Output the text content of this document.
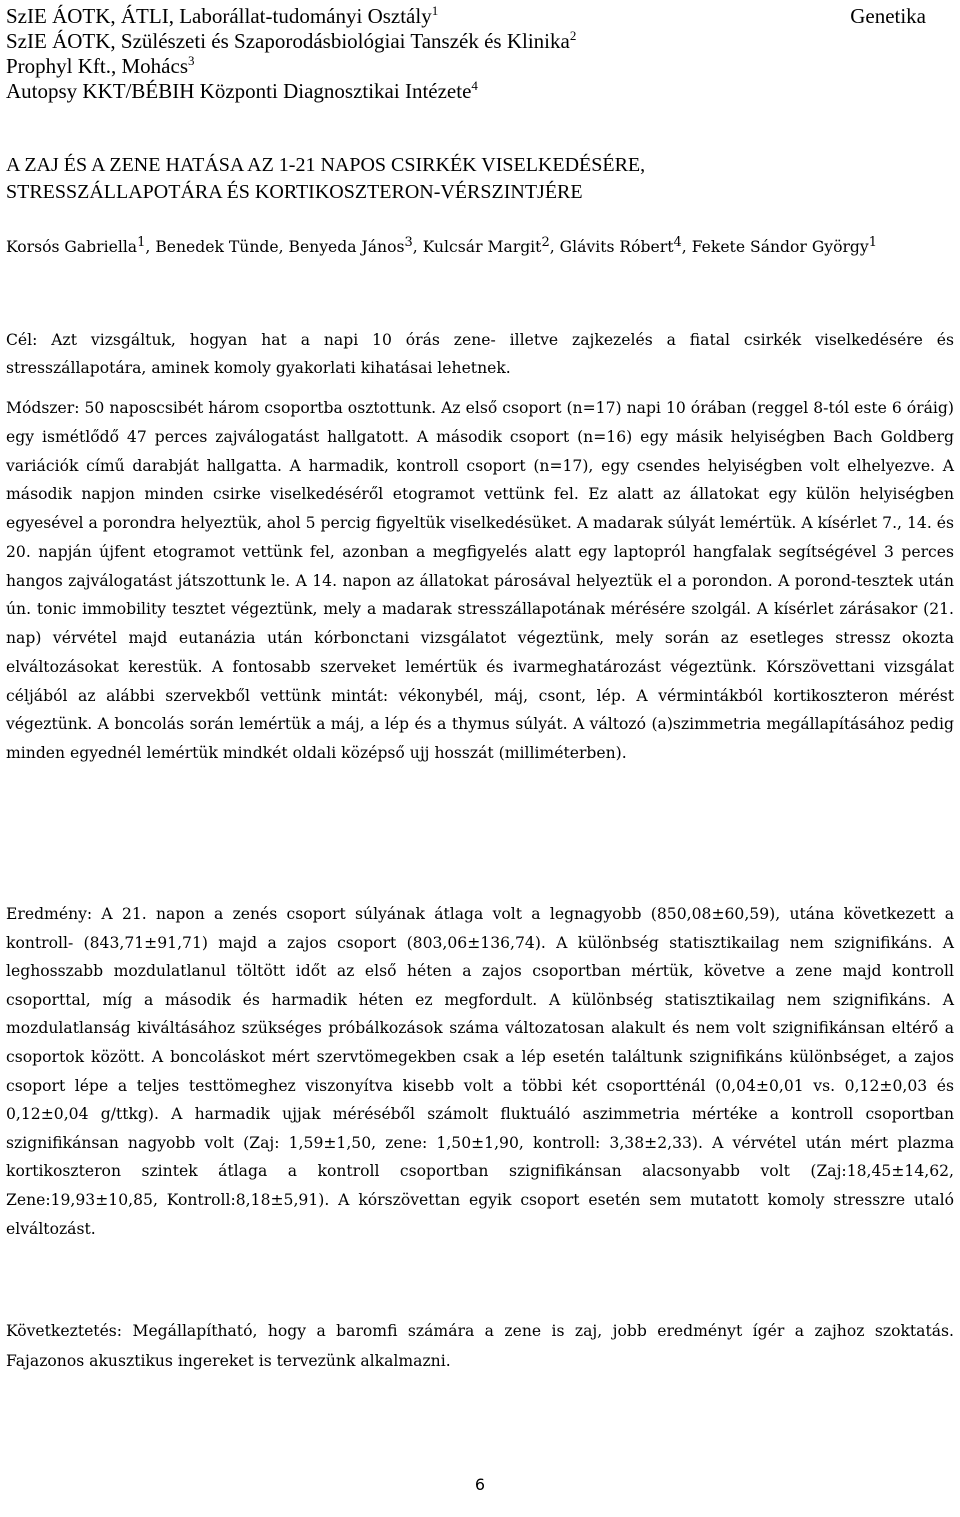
SzIE ÁOTK, ÁTLI, Laborállat-tudományi Osztály$^1$
SzIE ÁOTK, Szülészeti és Szaporodásbiológiai Tanszék és Klinika$^2$
Prophyl Kft., Mohács$^3$
Autopsy KKT/BÉBIH Központi Diagnosztikai Intézete$^4$
Genetika
A ZAJ ÉS A ZENE HATÁSA AZ 1-21 NAPOS CSIRKÉK VISELKEDÉSÉRE,
STRESSZÁLLAPOTÁRA ÉS KORTIKOSZTERON-VÉRSZINTJÉRE
Korsós Gabriella$^1$, Benedek Tünde, Benyeda János$^3$, Kulcsár Margit$^2$, Glávits Róbert$^4$, Fekete Sándor György$^1$

Cél: Azt vizsgáltuk, hogyan hat a napi 10 órás zene- illetve zajkezelés a fiatal csirkék viselkedésére és stresszállapotára, aminek komoly gyakorlati kihatásai lehetnek.

Módszer: 50 naposcsibét három csoportba osztottunk. Az első csoport (n=17) napi 10 órában (reggel 8-tól este 6 óráig) egy ismétlődő 47 perces zajválogatást hallgatott. A második csoport (n=16) egy másik helyiségben Bach Goldberg variációk című darabját hallgatta. A harmadik, kontroll csoport (n=17), egy csendes helyiségben volt elhelyezve. A második napjon minden csirke viselkedéséről etogramot vettünk fel. Ez alatt az állatokat egy külön helyiségben egyesével a porondra helyeztük, ahol 5 percig figyeltük viselkedésüket. A madarak súlyát lemértük. A kísérlet 7., 14. és 20. napján újfent etogramot vettünk fel, azonban a megfigyelés alatt egy laptopról hangfalak segítségével 3 perces hangos zajválogatást játszottunk le. A 14. napon az állatokat párosával helyeztük el a porondon. A porond-tesztek után ún. tonic immobility tesztet végeztünk, mely a madarak stresszállapotának mérésére szolgál. A kísérlet zárásakor (21. nap) vérvétel majd eutanázia után kórbonctani vizsgálatot végeztünk, mely során az esetleges stressz okozta elváltozásokat kerestük. A fontosabb szerveket lemértük és ivarmeghatározást végeztünk. Kórszövettani vizsgálat céljából az alábbi szervekből vettünk mintát: vékonybél, máj, csont, lép. A vérmintákból kortikoszteron mérést végeztünk. A boncolás során lemértük a máj, a lép és a thymus súlyát. A változó (a)szimmetria megállapításához pedig minden egyednél lemértük mindkét oldali középső ujj hosszát (milliméterben).

Eredmény: A 21. napon a zenés csoport súlyának átlaga volt a legnagyobb (850,08±60,59), utána következett a kontroll- (843,71±91,71) majd a zajos csoport (803,06±136,74). A különbség statisztikailag nem szignifikáns. A leghosszabb mozdulatlanul töltött időt az első héten a zajos csoportban mértük, követve a zene majd kontroll csoporttal, míg a második és harmadik héten ez megfordult. A különbség statisztikailag nem szignifikáns. A mozdulatlanság kiváltásához szükséges próbálkozások száma változatosan alakult és nem volt szignifikánsan eltérő a csoportok között. A boncoláskot mért szervtömegekben csak a lép esetén találtunk szignifikáns különbséget, a zajos csoport lépe a teljes testtömeghez viszonyítva kisebb volt a többi két csoportténál (0,04±0,01 vs. 0,12±0,03 és 0,12±0,04 g/ttkg). A harmadik ujjak méréséből számolt fluktuáló aszimmetria mértéke a kontroll csoportban szignifikánsan nagyobb volt (Zaj: 1,59±1,50, zene: 1,50±1,90, kontroll: 3,38±2,33). A vérvétel után mért plazma kortikoszteron szintek átlaga a kontroll csoportban szignifikánsan alacsonyabb volt (Zaj:18,45±14,62, Zene:19,93±10,85, Kontroll:8,18±5,91). A kórszövettan egyik csoport esetén sem mutatott komoly stresszre utaló elváltozást.

Következtetés: Megállapítható, hogy a baromfi számára a zene is zaj, jobb eredményt ígér a zajhoz szoktatás. Fajazonos akusztikus ingereket is tervezünk alkalmazni.

6
